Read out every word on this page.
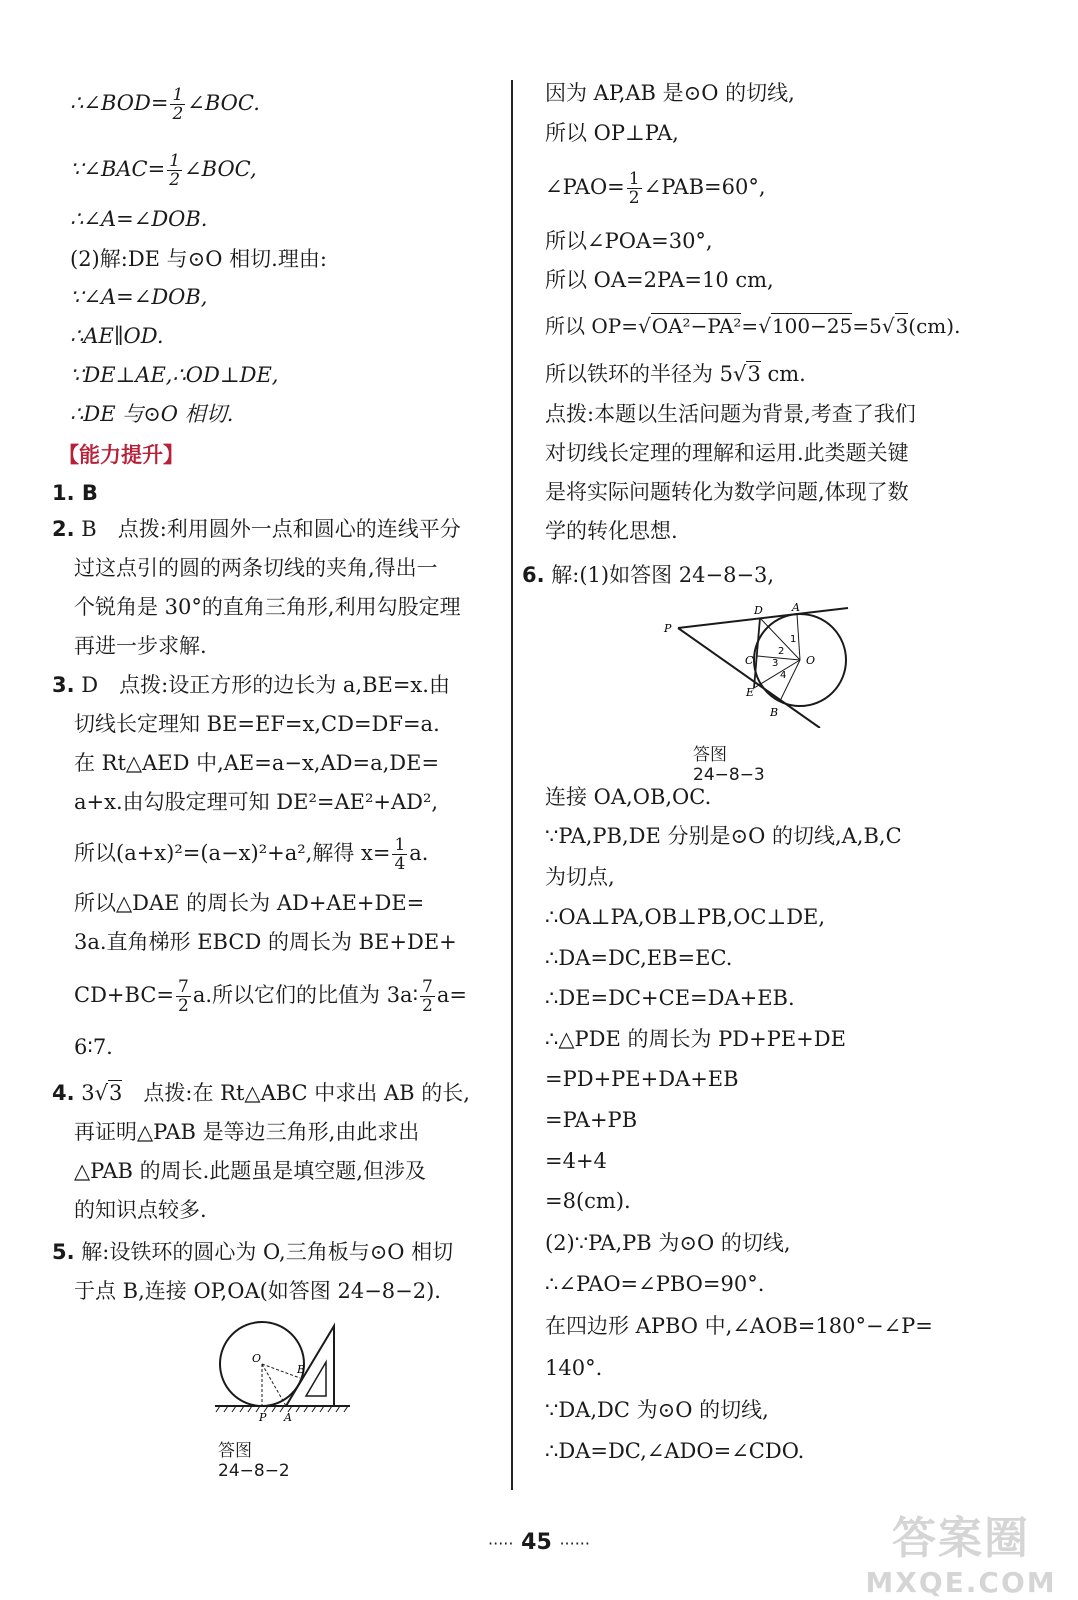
∴∠BOD= $\frac{1}{2}$ ∠BOC.
∵∠BAC= $\frac{1}{2}$ ∠BOC,
∴∠A=∠DOB.
(2)解:DE 与⊙O 相切.理由:
∵∠A=∠DOB,
∴AE∥OD.
∵DE⊥AE,∴OD⊥DE,
∴DE 与⊙O 相切.
【能力提升】
1. B
2. B　点拨:利用圆外一点和圆心的连线平分
过这点引的圆的两条切线的夹角,得出一
个锐角是 30°的直角三角形,利用勾股定理
再进一步求解.
3. D　点拨:设正方形的边长为 a,BE=x.由
切线长定理知 BE=EF=x,CD=DF=a.
在 Rt△AED 中,AE=a−x,AD=a,DE=
a+x.由勾股定理可知 DE²=AE²+AD²,
所以(a+x)²=(a−x)²+a²,解得 $x= \frac{1}{4} a$.
所以△DAE 的周长为 AD+AE+DE=
3a.直角梯形 EBCD 的周长为 BE+DE+
$CD+BC= \frac{7}{2} a$.所以它们的比值为 3a∶ $\frac{7}{2} a=$
6∶7.
4. 3√3　点拨:在 Rt△ABC 中求出 AB 的长,
再证明△PAB 是等边三角形,由此求出
△PAB 的周长.此题虽是填空题,但涉及
的知识点较多.
5. 解:设铁环的圆心为 O,三角板与⊙O 相切
于点 B,连接 OP,OA(如答图 24−8−2).
O
B
P A
答图 24−8−2
因为 AP,AB 是⊙O 的切线,
所以 OP⊥PA,
∠PAO= $\frac{1}{2}$ ∠PAB=60°,
所以∠POA=30°,
所以 OA=2PA=10 cm,
所以 OP=√OA²−PA²=√100−25=5√3(cm).
所以铁环的半径为 5√3 cm.
点拨:本题以生活问题为背景,考查了我们
对切线长定理的理解和运用.此类题关键
是将实际问题转化为数学问题,体现了数
学的转化思想.
6. 解:(1)如答图 24−8−3,
P
D	A
C	O
E
B
1
2
3
4
答图 24−8−3
连接 OA,OB,OC.
∵PA,PB,DE 分别是⊙O 的切线,A,B,C
为切点,
∴OA⊥PA,OB⊥PB,OC⊥DE,
∴DA=DC,EB=EC.
∴DE=DC+CE=DA+EB.
∴△PDE 的周长为 PD+PE+DE
=PD+PE+DA+EB
=PA+PB
=4+4
=8(cm).
(2)∵PA,PB 为⊙O 的切线,
∴∠PAO=∠PBO=90°.
在四边形 APBO 中,∠AOB=180°−∠P=
140°.
∵DA,DC 为⊙O 的切线,
∴DA=DC,∠ADO=∠CDO.
····· 45 ······	答案圈
MXQE.COM
